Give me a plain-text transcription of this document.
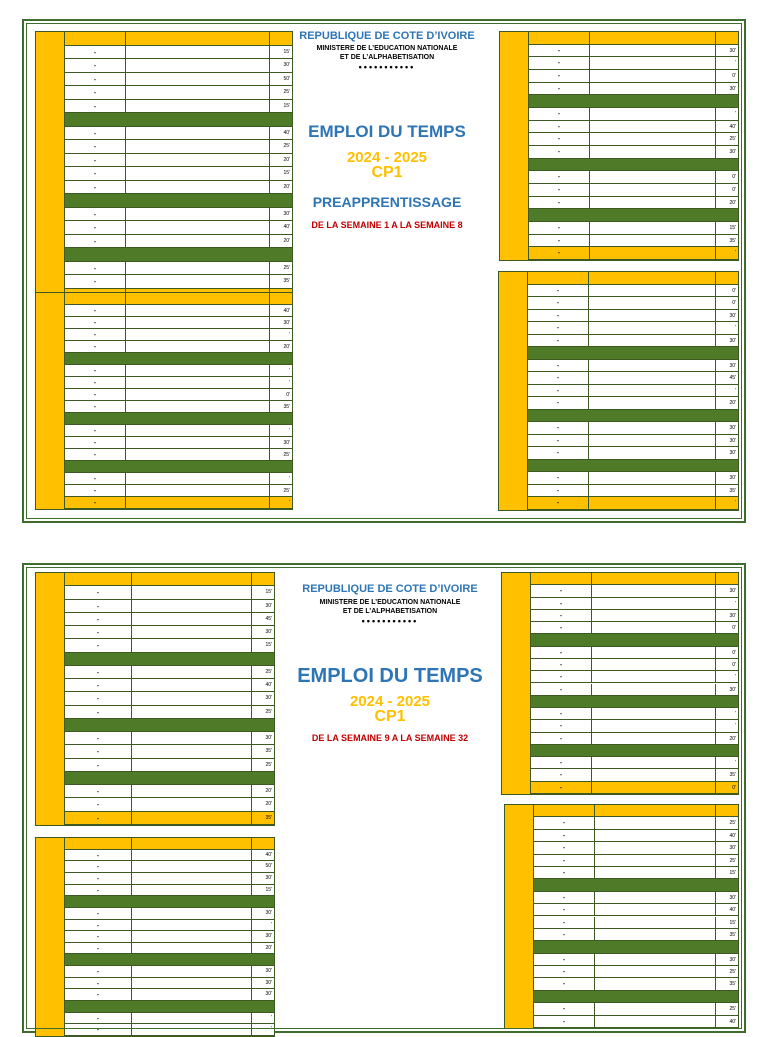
-	15'
-	30'
-	50'
-	25'
-	15'
-	40'
-	25'
-	20'
-	15'
-	20'
-	30'
-	40'
-	20'
-	25'
-	35'
-	40'
-	30'
-	'
-	20'
-	'
-	'
-	0'
-	35'
-	'
-	30'
-	25'
-	'
-	25'
-	'
-	30'
-	'
-	0'
-	30'
-	'
-	40'
-	25'
-	30'
-	0'
-	0'
-	20'
-	15'
-	35'
-	'
-	0'
-	0'
-	30'
-	'
-	30'
-	30'
-	45'
-	'
-	20'
-	30'
-	30'
-	30'
-	30'
-	35'
-	'
REPUBLIQUE DE COTE D’IVOIRE
MINISTERE DE L’EDUCATION NATIONALE
ET DE L’ALPHABETISATION
•••••••••••
EMPLOI DU TEMPS
2024 - 2025
CP1
PREAPPRENTISSAGE
DE LA SEMAINE 1 A LA SEMAINE 8
-	15'
-	30'
-	45'
-	30'
-	15'
-	25'
-	40'
-	30'
-	25'
-	30'
-	35'
-	25'
-	20'
-	20'
-	35'
-	40'
-	50'
-	30'
-	15'
-	30'
-	'
-	30'
-	20'
-	30'
-	30'
-	30'
-	'
-	'
-	30'
-	'
-	30'
-	0'
-	0'
-	0'
-	'
-	30'
-	'
-	'
-	20'
-	'
-	35'
-	0'
-	25'
-	40'
-	30'
-	25'
-	15'
-	30'
-	40'
-	15'
-	35'
-	30'
-	25'
-	35'
-	25'
-	40'
REPUBLIQUE DE COTE D’IVOIRE
MINISTERE DE L’EDUCATION NATIONALE
ET DE L’ALPHABETISATION
•••••••••••
EMPLOI DU TEMPS
2024 - 2025
CP1
DE LA SEMAINE 9 A LA SEMAINE 32
